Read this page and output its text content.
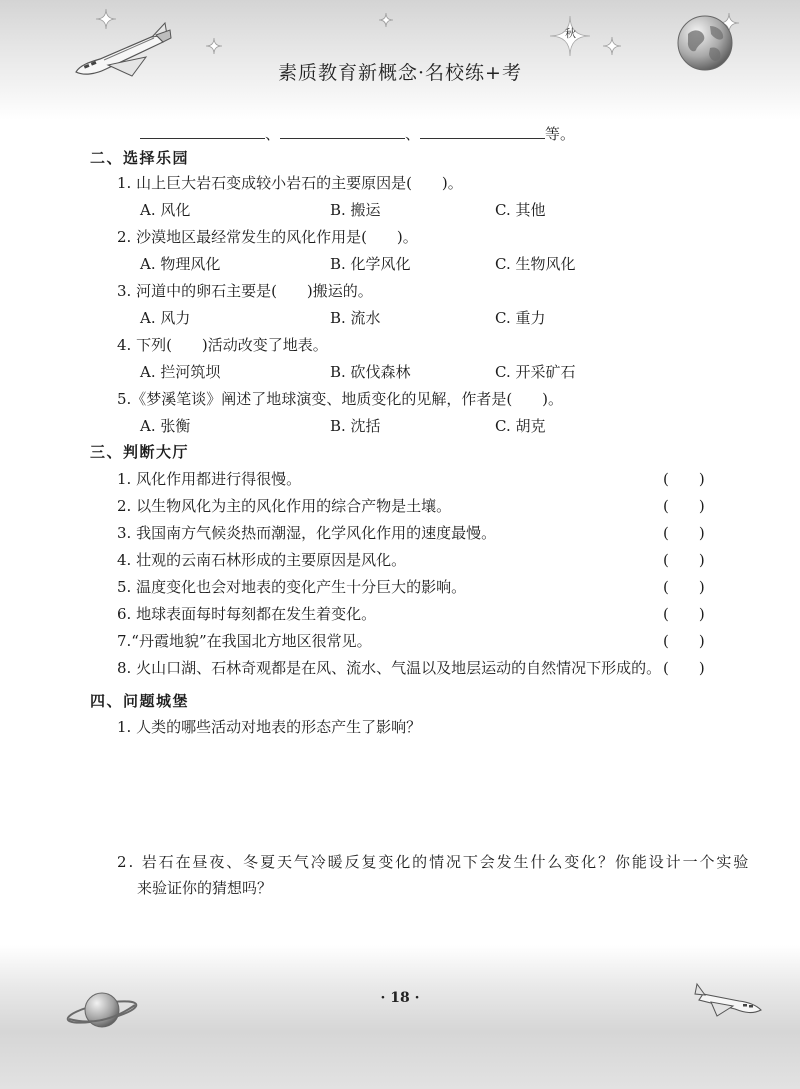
秋
素质教育新概念·名校练+考
、	、	等。
二、选择乐园
1. 山上巨大岩石变成较小岩石的主要原因是(　　)。
A. 风化	B. 搬运	C. 其他
2. 沙漠地区最经常发生的风化作用是(　　)。
A. 物理风化	B. 化学风化	C. 生物风化
3. 河道中的卵石主要是(　　)搬运的。
A. 风力	B. 流水	C. 重力
4. 下列(　　)活动改变了地表。
A. 拦河筑坝	B. 砍伐森林	C. 开采矿石
5.《梦溪笔谈》阐述了地球演变、地质变化的见解，作者是(　　)。
A. 张衡	B. 沈括	C. 胡克
三、判断大厅
1. 风化作用都进行得很慢。	(　　)
2. 以生物风化为主的风化作用的综合产物是土壤。	(　　)
3. 我国南方气候炎热而潮湿，化学风化作用的速度最慢。	(　　)
4. 壮观的云南石林形成的主要原因是风化。	(　　)
5. 温度变化也会对地表的变化产生十分巨大的影响。	(　　)
6. 地球表面每时每刻都在发生着变化。	(　　)
7.“丹霞地貌”在我国北方地区很常见。	(　　)
8. 火山口湖、石林奇观都是在风、流水、气温以及地层运动的自然情况下形成的。 (　　)
四、问题城堡
1. 人类的哪些活动对地表的形态产生了影响？
2. 岩石在昼夜、冬夏天气冷暖反复变化的情况下会发生什么变化？你能设计一个实验
来验证你的猜想吗？
· 18 ·
